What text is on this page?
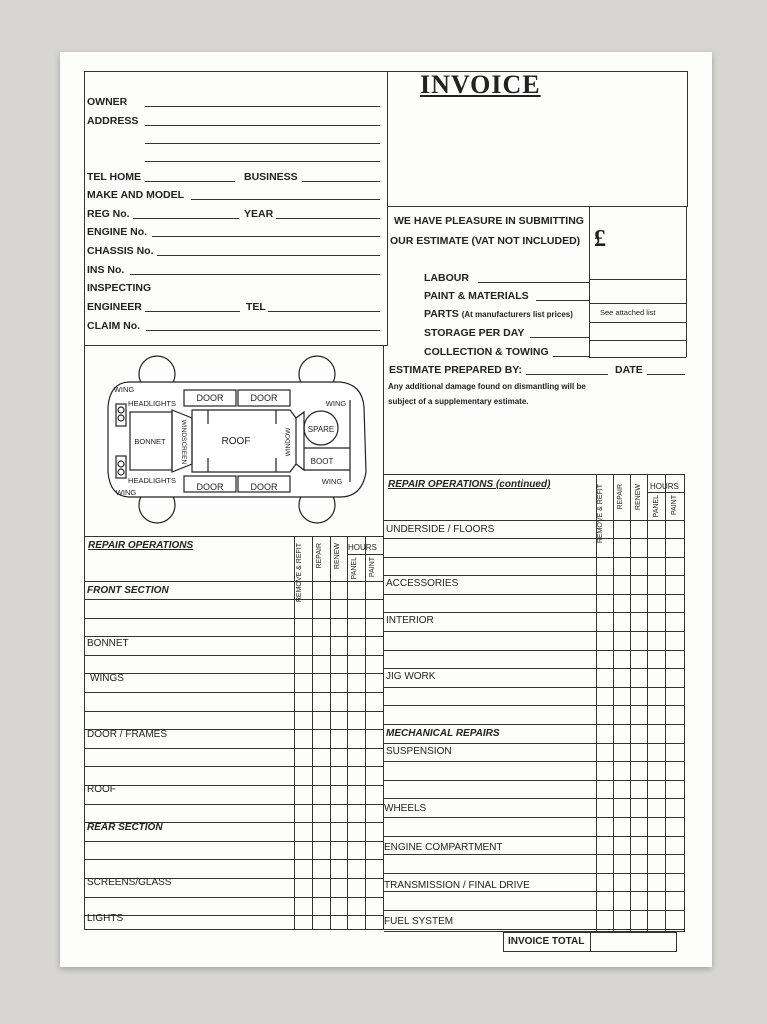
INVOICE
OWNER
ADDRESS
TEL HOME	BUSINESS
MAKE AND MODEL
REG No.	YEAR
ENGINE No.
CHASSIS No.
INS No.
INSPECTING
ENGINEER	TEL
CLAIM No.
WE HAVE PLEASURE IN SUBMITTING
OUR ESTIMATE (VAT NOT INCLUDED) £
LABOUR
PAINT & MATERIALS
PARTS (At manufacturers list prices)	See attached list
STORAGE PER DAY
COLLECTION & TOWING
ESTIMATE PREPARED BY:	DATE
Any additional damage found on dismantling will be
subject of a supplementary estimate.
WING
HEADLIGHTS
DOOR	DOOR
WING
BONNET WINDSCREEN	ROOF	WINDOW SPARE
BOOT
HEADLIGHTS
DOOR	DOOR
WING
WING
REPAIR OPERATIONS	REMOVE & REFIT REPAIR RENEW HOURS
PANEL PAINT
FRONT SECTION
BONNET
WINGS
DOOR / FRAMES
ROOF
REAR SECTION
SCREENS/GLASS
LIGHTS
REPAIR OPERATIONS (continued)	REMOVE & REFIT REPAIR RENEW HOURS
PANEL PAINT
UNDERSIDE / FLOORS
ACCESSORIES
INTERIOR
JIG WORK
MECHANICAL REPAIRS
SUSPENSION
WHEELS
ENGINE COMPARTMENT
TRANSMISSION / FINAL DRIVE
FUEL SYSTEM
INVOICE TOTAL
